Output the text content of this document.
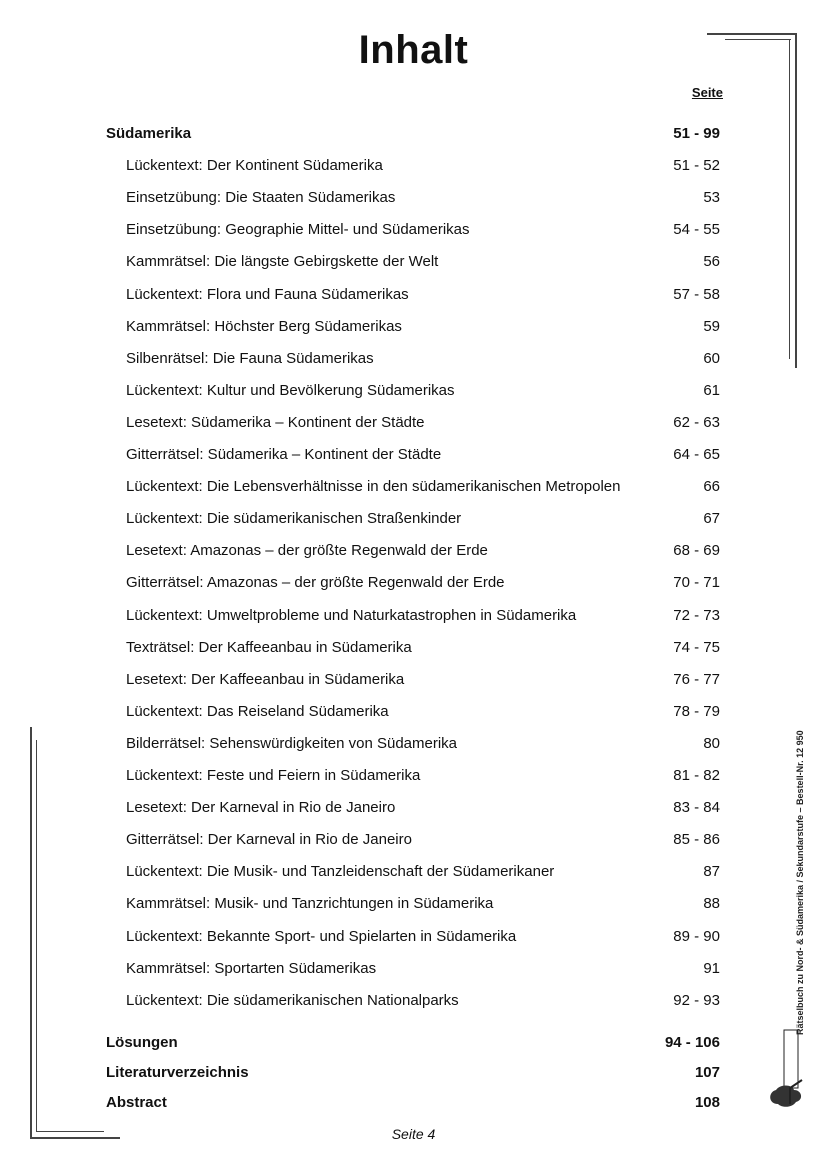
Inhalt
Seite
Südamerika	51 - 99
Lückentext: Der Kontinent Südamerika	51 - 52
Einsetzübung: Die Staaten Südamerikas	53
Einsetzübung: Geographie Mittel- und Südamerikas	54 - 55
Kammrätsel: Die längste Gebirgskette der Welt	56
Lückentext: Flora und Fauna Südamerikas	57 - 58
Kammrätsel: Höchster Berg Südamerikas	59
Silbenrätsel: Die Fauna Südamerikas	60
Lückentext: Kultur und Bevölkerung Südamerikas	61
Lesetext: Südamerika – Kontinent der Städte	62 - 63
Gitterrätsel: Südamerika – Kontinent der Städte	64 - 65
Lückentext: Die Lebensverhältnisse in den südamerikanischen Metropolen	66
Lückentext: Die südamerikanischen Straßenkinder	67
Lesetext: Amazonas – der größte Regenwald der Erde	68 - 69
Gitterrätsel: Amazonas – der größte Regenwald der Erde	70 - 71
Lückentext: Umweltprobleme und Naturkatastrophen in Südamerika	72 - 73
Texträtsel: Der Kaffeeanbau in Südamerika	74 - 75
Lesetext: Der Kaffeeanbau in Südamerika	76 - 77
Lückentext: Das Reiseland Südamerika	78 - 79
Bilderrätsel: Sehenswürdigkeiten von Südamerika	80
Lückentext: Feste und Feiern in Südamerika	81 - 82
Lesetext: Der Karneval in Rio de Janeiro	83 - 84
Gitterrätsel: Der Karneval in Rio de Janeiro	85 - 86
Lückentext: Die Musik- und Tanzleidenschaft der Südamerikaner	87
Kammrätsel: Musik- und Tanzrichtungen in Südamerika	88
Lückentext: Bekannte Sport- und Spielarten in Südamerika	89 - 90
Kammrätsel: Sportarten Südamerikas	91
Lückentext: Die südamerikanischen Nationalparks	92 - 93
Lösungen	94 - 106
Literaturverzeichnis	107
Abstract	108
Seite 4
Rätselbuch zu Nord- & Südamerika / Sekundarstufe – Bestell-Nr. 12 950
